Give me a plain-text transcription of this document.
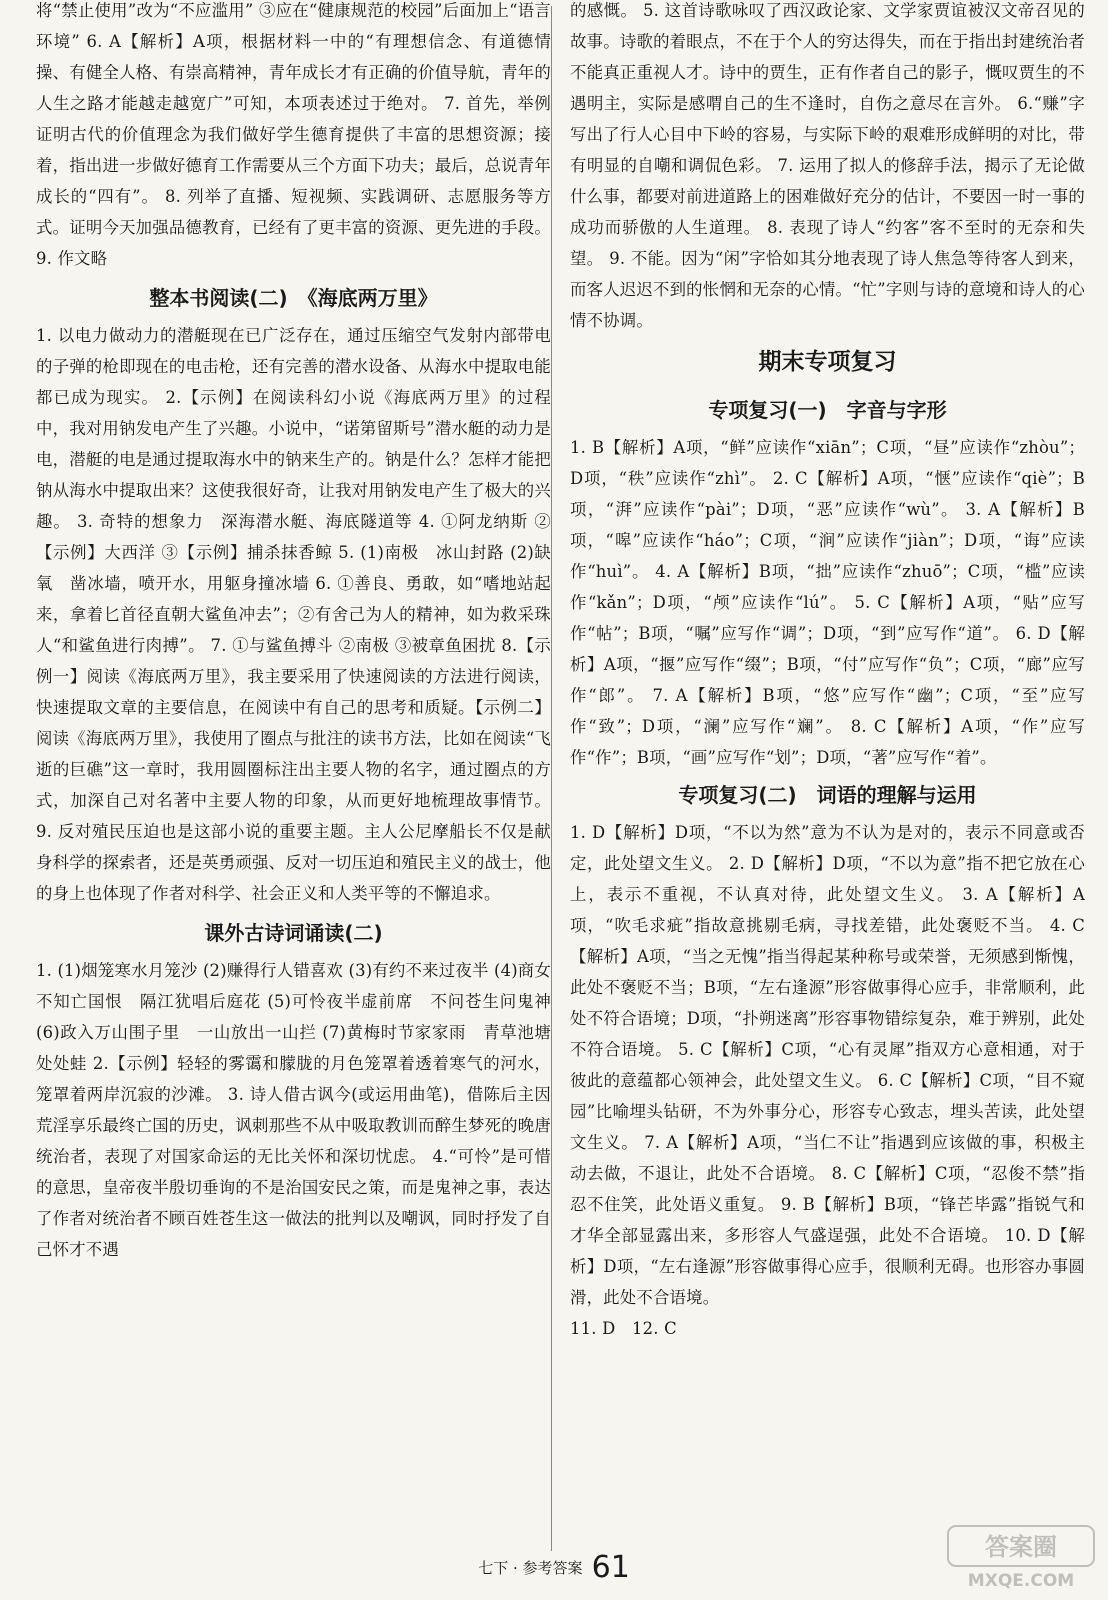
将“禁止使用”改为“不应滥用” ③应在“健康规范的校园”后面加上“语言环境” 6. A【解析】A项，根据材料一中的“有理想信念、有道德情操、有健全人格、有崇高精神，青年成长才有正确的价值导航，青年的人生之路才能越走越宽广”可知，本项表述过于绝对。 7. 首先，举例证明古代的价值理念为我们做好学生德育提供了丰富的思想资源；接着，指出进一步做好德育工作需要从三个方面下功夫；最后，总说青年成长的“四有”。 8. 列举了直播、短视频、实践调研、志愿服务等方式。证明今天加强品德教育，已经有了更丰富的资源、更先进的手段。 9. 作文略

整本书阅读(二)　《海底两万里》

1. 以电力做动力的潜艇现在已广泛存在，通过压缩空气发射内部带电的子弹的枪即现在的电击枪，还有完善的潜水设备、从海水中提取电能都已成为现实。 2.【示例】在阅读科幻小说《海底两万里》的过程中，我对用钠发电产生了兴趣。小说中，“诺第留斯号”潜水艇的动力是电，潜艇的电是通过提取海水中的钠来生产的。钠是什么？怎样才能把钠从海水中提取出来？这使我很好奇，让我对用钠发电产生了极大的兴趣。 3. 奇特的想象力　深海潜水艇、海底隧道等 4. ①阿龙纳斯 ②【示例】大西洋 ③【示例】捕杀抹香鲸 5. (1)南极　冰山封路 (2)缺氧　凿冰墙，喷开水，用躯身撞冰墙 6. ①善良、勇敢，如“嗜地站起来，拿着匕首径直朝大鲨鱼冲去”；②有舍己为人的精神，如为救采珠人“和鲨鱼进行肉搏”。 7. ①与鲨鱼搏斗 ②南极 ③被章鱼困扰 8.【示例一】阅读《海底两万里》，我主要采用了快速阅读的方法进行阅读，快速提取文章的主要信息，在阅读中有自己的思考和质疑。【示例二】阅读《海底两万里》，我使用了圈点与批注的读书方法，比如在阅读“飞逝的巨礁”这一章时，我用圆圈标注出主要人物的名字，通过圈点的方式，加深自己对名著中主要人物的印象，从而更好地梳理故事情节。 9. 反对殖民压迫也是这部小说的重要主题。主人公尼摩船长不仅是献身科学的探索者，还是英勇顽强、反对一切压迫和殖民主义的战士，他的身上也体现了作者对科学、社会正义和人类平等的不懈追求。

课外古诗词诵读(二)

1. (1)烟笼寒水月笼沙 (2)赚得行人错喜欢 (3)有约不来过夜半 (4)商女不知亡国恨　隔江犹唱后庭花 (5)可怜夜半虚前席　不问苍生问鬼神 (6)政入万山围子里　一山放出一山拦 (7)黄梅时节家家雨　青草池塘处处蛙 2.【示例】轻轻的雾霭和朦胧的月色笼罩着透着寒气的河水，笼罩着两岸沉寂的沙滩。 3. 诗人借古讽今(或运用曲笔)，借陈后主因荒淫享乐最终亡国的历史，讽刺那些不从中吸取教训而醉生梦死的晚唐统治者，表现了对国家命运的无比关怀和深切忧虑。 4.“可怜”是可惜的意思，皇帝夜半殷切垂询的不是治国安民之策，而是鬼神之事，表达了作者对统治者不顾百姓苍生这一做法的批判以及嘲讽，同时抒发了自己怀才不遇

的感慨。 5. 这首诗歌咏叹了西汉政论家、文学家贾谊被汉文帝召见的故事。诗歌的着眼点，不在于个人的穷达得失，而在于指出封建统治者不能真正重视人才。诗中的贾生，正有作者自己的影子，慨叹贾生的不遇明主，实际是感喟自己的生不逢时，自伤之意尽在言外。 6.“赚”字写出了行人心目中下岭的容易，与实际下岭的艰难形成鲜明的对比，带有明显的自嘲和调侃色彩。 7. 运用了拟人的修辞手法，揭示了无论做什么事，都要对前进道路上的困难做好充分的估计，不要因一时一事的成功而骄傲的人生道理。 8. 表现了诗人“约客”客不至时的无奈和失望。 9. 不能。因为“闲”字恰如其分地表现了诗人焦急等待客人到来，而客人迟迟不到的怅惘和无奈的心情。“忙”字则与诗的意境和诗人的心情不协调。

期末专项复习
专项复习(一)　字音与字形

1. B【解析】A项，“鲜”应读作“xiān”；C项，“昼”应读作“zhòu”；D项，“秩”应读作“zhì”。 2. C【解析】A项，“惬”应读作“qiè”；B项，“湃”应读作“pài”；D项，“恶”应读作“wù”。 3. A【解析】B项，“嗥”应读作“háo”；C项，“涧”应读作“jiàn”；D项，“诲”应读作“huì”。 4. A【解析】B项，“拙”应读作“zhuō”；C项，“槛”应读作“kǎn”；D项，“颅”应读作“lú”。 5. C【解析】A项，“贴”应写作“帖”；B项，“嘱”应写作“调”；D项，“到”应写作“道”。 6. D【解析】A项，“揠”应写作“缀”；B项，“付”应写作“负”；C项，“廊”应写作“郎”。 7. A【解析】B项，“悠”应写作“幽”；C项，“至”应写作“致”；D项，“澜”应写作“斓”。 8. C【解析】A项，“作”应写作“作”；B项，“画”应写作“划”；D项，“著”应写作“着”。

专项复习(二)　词语的理解与运用

1. D【解析】D项，“不以为然”意为不认为是对的，表示不同意或否定，此处望文生义。 2. D【解析】D项，“不以为意”指不把它放在心上，表示不重视，不认真对待，此处望文生义。 3. A【解析】A项，“吹毛求疵”指故意挑剔毛病，寻找差错，此处褒贬不当。 4. C【解析】A项，“当之无愧”指当得起某种称号或荣誉，无须感到惭愧，此处不褒贬不当；B项，“左右逢源”形容做事得心应手，非常顺利，此处不符合语境；D项，“扑朔迷离”形容事物错综复杂，难于辨别，此处不符合语境。 5. C【解析】C项，“心有灵犀”指双方心意相通，对于彼此的意蕴都心领神会，此处望文生义。 6. C【解析】C项，“目不窥园”比喻埋头钻研，不为外事分心，形容专心致志，埋头苦读，此处望文生义。 7. A【解析】A项，“当仁不让”指遇到应该做的事，积极主动去做，不退让，此处不合语境。 8. C【解析】C项，“忍俊不禁”指忍不住笑，此处语义重复。 9. B【解析】B项，“锋芒毕露”指锐气和才华全部显露出来，多形容人气盛逞强，此处不合语境。 10. D【解析】D项，“左右逢源”形容做事得心应手，很顺利无碍。也形容办事圆滑，此处不合语境。

11. D　12. C

七下 · 参考答案 61
答案圈
MXQE.COM
